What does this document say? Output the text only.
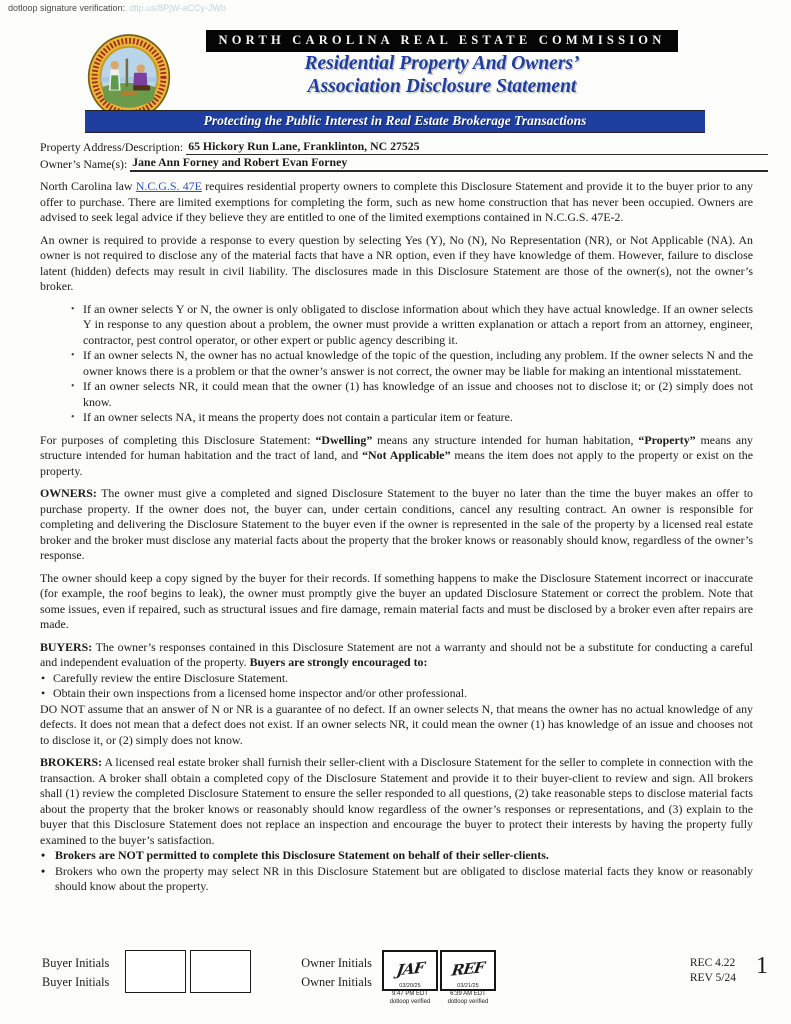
dotloop signature verification: dtlp.us/8PjW-aCCy-JWb
NORTH CAROLINA REAL ESTATE COMMISSION
Residential Property And Owners’
Association Disclosure Statement
Protecting the Public Interest in Real Estate Brokerage Transactions
Property Address/Description: 65 Hickory Run Lane, Franklinton, NC 27525
Owner’s Name(s): Jane Ann Forney and Robert Evan Forney
North Carolina law N.C.G.S. 47E requires residential property owners to complete this Disclosure Statement and provide it to the buyer prior to any offer to purchase. There are limited exemptions for completing the form, such as new home construction that has never been occupied. Owners are advised to seek legal advice if they believe they are entitled to one of the limited exemptions contained in N.C.G.S. 47E-2.
An owner is required to provide a response to every question by selecting Yes (Y), No (N), No Representation (NR), or Not Applicable (NA). An owner is not required to disclose any of the material facts that have a NR option, even if they have knowledge of them. However, failure to disclose latent (hidden) defects may result in civil liability. The disclosures made in this Disclosure Statement are those of the owner(s), not the owner’s broker.
• If an owner selects Y or N, the owner is only obligated to disclose information about which they have actual knowledge. If an owner selects Y in response to any question about a problem, the owner must provide a written explanation or attach a report from an attorney, engineer, contractor, pest control operator, or other expert or public agency describing it.
• If an owner selects N, the owner has no actual knowledge of the topic of the question, including any problem. If the owner selects N and the owner knows there is a problem or that the owner’s answer is not correct, the owner may be liable for making an intentional misstatement.
• If an owner selects NR, it could mean that the owner (1) has knowledge of an issue and chooses not to disclose it; or (2) simply does not know.
• If an owner selects NA, it means the property does not contain a particular item or feature.
For purposes of completing this Disclosure Statement: “Dwelling” means any structure intended for human habitation, “Property” means any structure intended for human habitation and the tract of land, and “Not Applicable” means the item does not apply to the property or exist on the property.
OWNERS: The owner must give a completed and signed Disclosure Statement to the buyer no later than the time the buyer makes an offer to purchase property. If the owner does not, the buyer can, under certain conditions, cancel any resulting contract. An owner is responsible for completing and delivering the Disclosure Statement to the buyer even if the owner is represented in the sale of the property by a licensed real estate broker and the broker must disclose any material facts about the property that the broker knows or reasonably should know, regardless of the owner’s response.
The owner should keep a copy signed by the buyer for their records. If something happens to make the Disclosure Statement incorrect or inaccurate (for example, the roof begins to leak), the owner must promptly give the buyer an updated Disclosure Statement or correct the problem. Note that some issues, even if repaired, such as structural issues and fire damage, remain material facts and must be disclosed by a broker even after repairs are made.
BUYERS: The owner’s responses contained in this Disclosure Statement are not a warranty and should not be a substitute for conducting a careful and independent evaluation of the property. Buyers are strongly encouraged to:
• Carefully review the entire Disclosure Statement.
• Obtain their own inspections from a licensed home inspector and/or other professional.
DO NOT assume that an answer of N or NR is a guarantee of no defect. If an owner selects N, that means the owner has no actual knowledge of any defects. It does not mean that a defect does not exist. If an owner selects NR, it could mean the owner (1) has knowledge of an issue and chooses not to disclose it, or (2) simply does not know.
BROKERS: A licensed real estate broker shall furnish their seller-client with a Disclosure Statement for the seller to complete in connection with the transaction. A broker shall obtain a completed copy of the Disclosure Statement and provide it to their buyer-client to review and sign. All brokers shall (1) review the completed Disclosure Statement to ensure the seller responded to all questions, (2) take reasonable steps to disclose material facts about the property that the broker knows or reasonably should know regardless of the owner’s responses or representations, and (3) explain to the buyer that this Disclosure Statement does not replace an inspection and encourage the buyer to protect their interests by having the property fully examined to the buyer’s satisfaction.
• Brokers are NOT permitted to complete this Disclosure Statement on behalf of their seller-clients.
• Brokers who own the property may select NR in this Disclosure Statement but are obligated to disclose material facts they know or reasonably should know about the property.
Buyer Initials
Buyer Initials
Owner Initials
Owner Initials
JAF
03/20/25
9:47 PM EDT
dotloop verified
REF
03/21/25
6:39 AM EDT
dotloop verified
REC 4.22
REV 5/24 1
